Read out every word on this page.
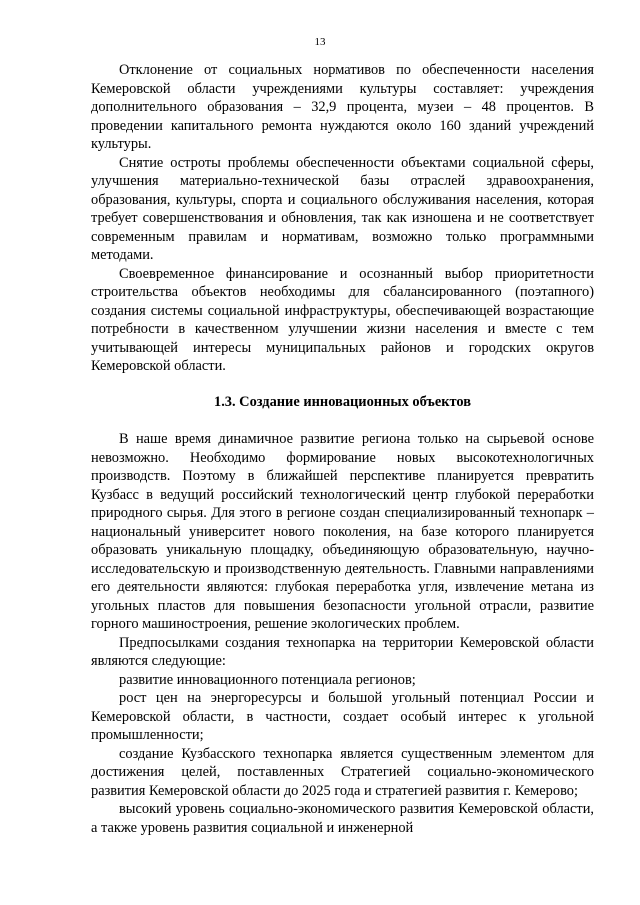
13

Отклонение от социальных нормативов по обеспеченности населения Кемеровской области учреждениями культуры составляет: учреждения дополнительного образования – 32,9 процента, музеи – 48 процентов. В проведении капитального ремонта нуждаются около 160 зданий учреждений культуры.

Снятие остроты проблемы обеспеченности объектами социальной сферы, улучшения материально-технической базы отраслей здравоохранения, образования, культуры, спорта и социального обслуживания населения, которая требует совершенствования и обновления, так как изношена и не соответствует современным правилам и нормативам, возможно только программными методами.

Своевременное финансирование и осознанный выбор приоритетности строительства объектов необходимы для сбалансированного (поэтапного) создания системы социальной инфраструктуры, обеспечивающей возрастающие потребности в качественном улучшении жизни населения и вместе с тем учитывающей интересы муниципальных районов и городских округов Кемеровской области.

1.3. Создание инновационных объектов

В наше время динамичное развитие региона только на сырьевой основе невозможно. Необходимо формирование новых высокотехнологичных производств. Поэтому в ближайшей перспективе планируется превратить Кузбасс в ведущий российский технологический центр глубокой переработки природного сырья. Для этого в регионе создан специализированный технопарк – национальный университет нового поколения, на базе которого планируется образовать уникальную площадку, объединяющую образовательную, научно-исследовательскую и производственную деятельность. Главными направлениями его деятельности являются: глубокая переработка угля, извлечение метана из угольных пластов для повышения безопасности угольной отрасли, развитие горного машиностроения, решение экологических проблем.

Предпосылками создания технопарка на территории Кемеровской области являются следующие:

развитие инновационного потенциала регионов;

рост цен на энергоресурсы и большой угольный потенциал России и Кемеровской области, в частности, создает особый интерес к угольной промышленности;

создание Кузбасского технопарка является существенным элементом для достижения целей, поставленных Стратегией социально-экономического развития Кемеровской области до 2025 года и стратегией развития г. Кемерово;

высокий уровень социально-экономического развития Кемеровской области, а также уровень развития социальной и инженерной
